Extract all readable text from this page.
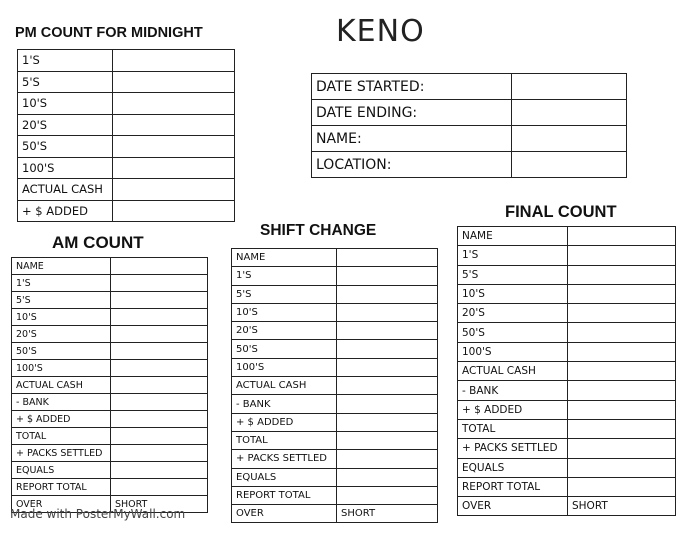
KENO
PM COUNT FOR MIDNIGHT
1'S	
5'S	
10'S	
20'S	
50'S	
100'S	
ACTUAL CASH	
+ $ ADDED	
DATE STARTED:	
DATE ENDING:	
NAME:	
LOCATION:	
AM COUNT
NAME	
1'S	
5'S	
10'S	
20'S	
50'S	
100'S	
ACTUAL CASH	
- BANK	
+ $ ADDED	
TOTAL	
+ PACKS SETTLED	
EQUALS	
REPORT TOTAL	
OVER	SHORT
SHIFT CHANGE
NAME	
1'S	
5'S	
10'S	
20'S	
50'S	
100'S	
ACTUAL CASH	
- BANK	
+ $ ADDED	
TOTAL	
+ PACKS SETTLED	
EQUALS	
REPORT TOTAL	
OVER	SHORT
FINAL COUNT
NAME	
1'S	
5'S	
10'S	
20'S	
50'S	
100'S	
ACTUAL CASH	
- BANK	
+ $ ADDED	
TOTAL	
+ PACKS SETTLED	
EQUALS	
REPORT TOTAL	
OVER	SHORT
Made with PosterMyWall.com
